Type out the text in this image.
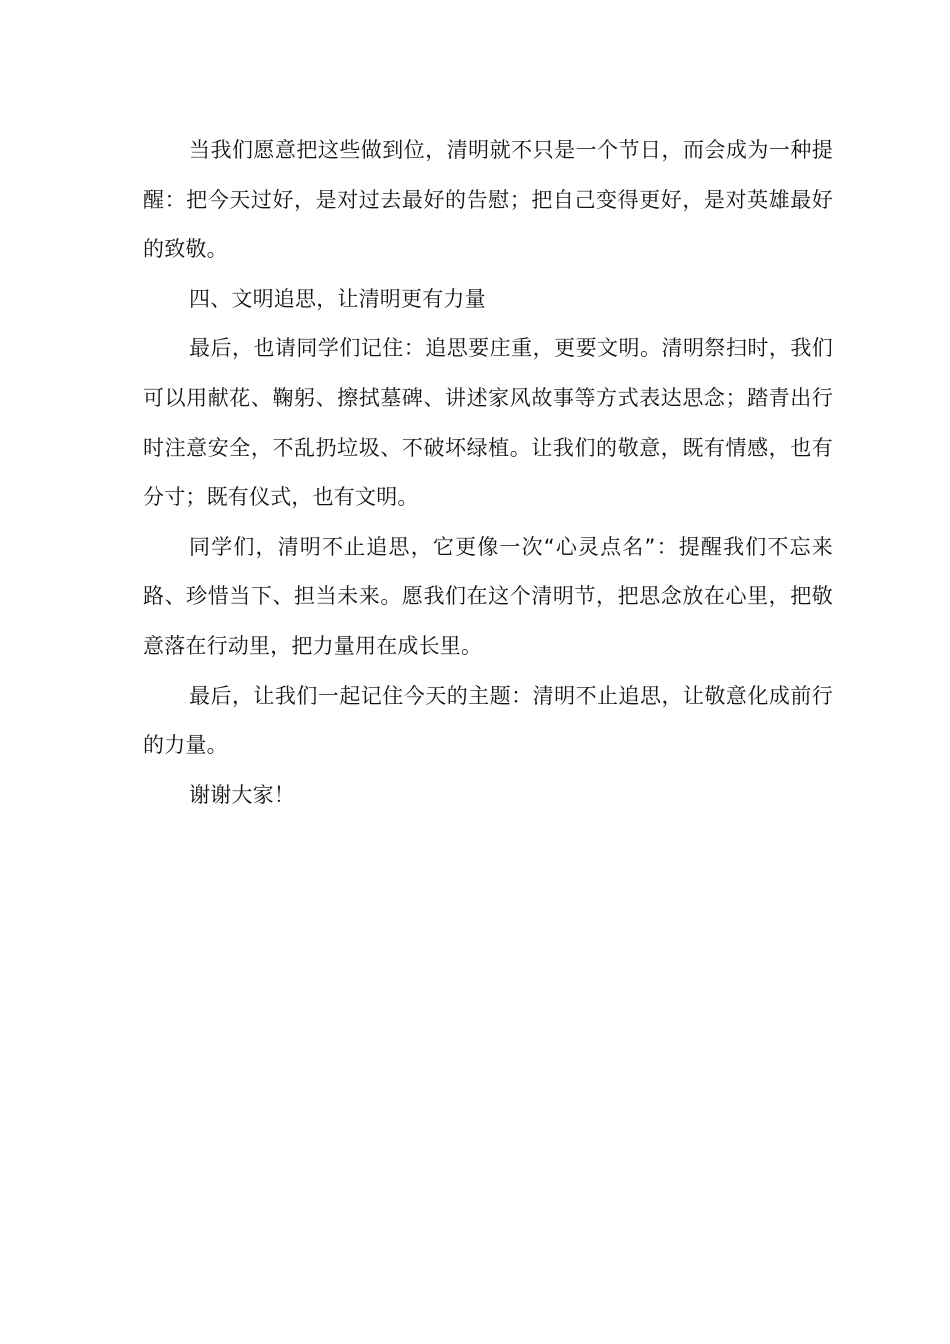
当我们愿意把这些做到位，清明就不只是一个节日，而会成为一种提醒：把今天过好，是对过去最好的告慰；把自己变得更好，是对英雄最好的致敬。

四、文明追思，让清明更有力量

最后，也请同学们记住：追思要庄重，更要文明。清明祭扫时，我们可以用献花、鞠躬、擦拭墓碑、讲述家风故事等方式表达思念；踏青出行时注意安全，不乱扔垃圾、不破坏绿植。让我们的敬意，既有情感，也有分寸；既有仪式，也有文明。

同学们，清明不止追思，它更像一次“心灵点名”：提醒我们不忘来路、珍惜当下、担当未来。愿我们在这个清明节，把思念放在心里，把敬意落在行动里，把力量用在成长里。

最后，让我们一起记住今天的主题：清明不止追思，让敬意化成前行的力量。

谢谢大家！
